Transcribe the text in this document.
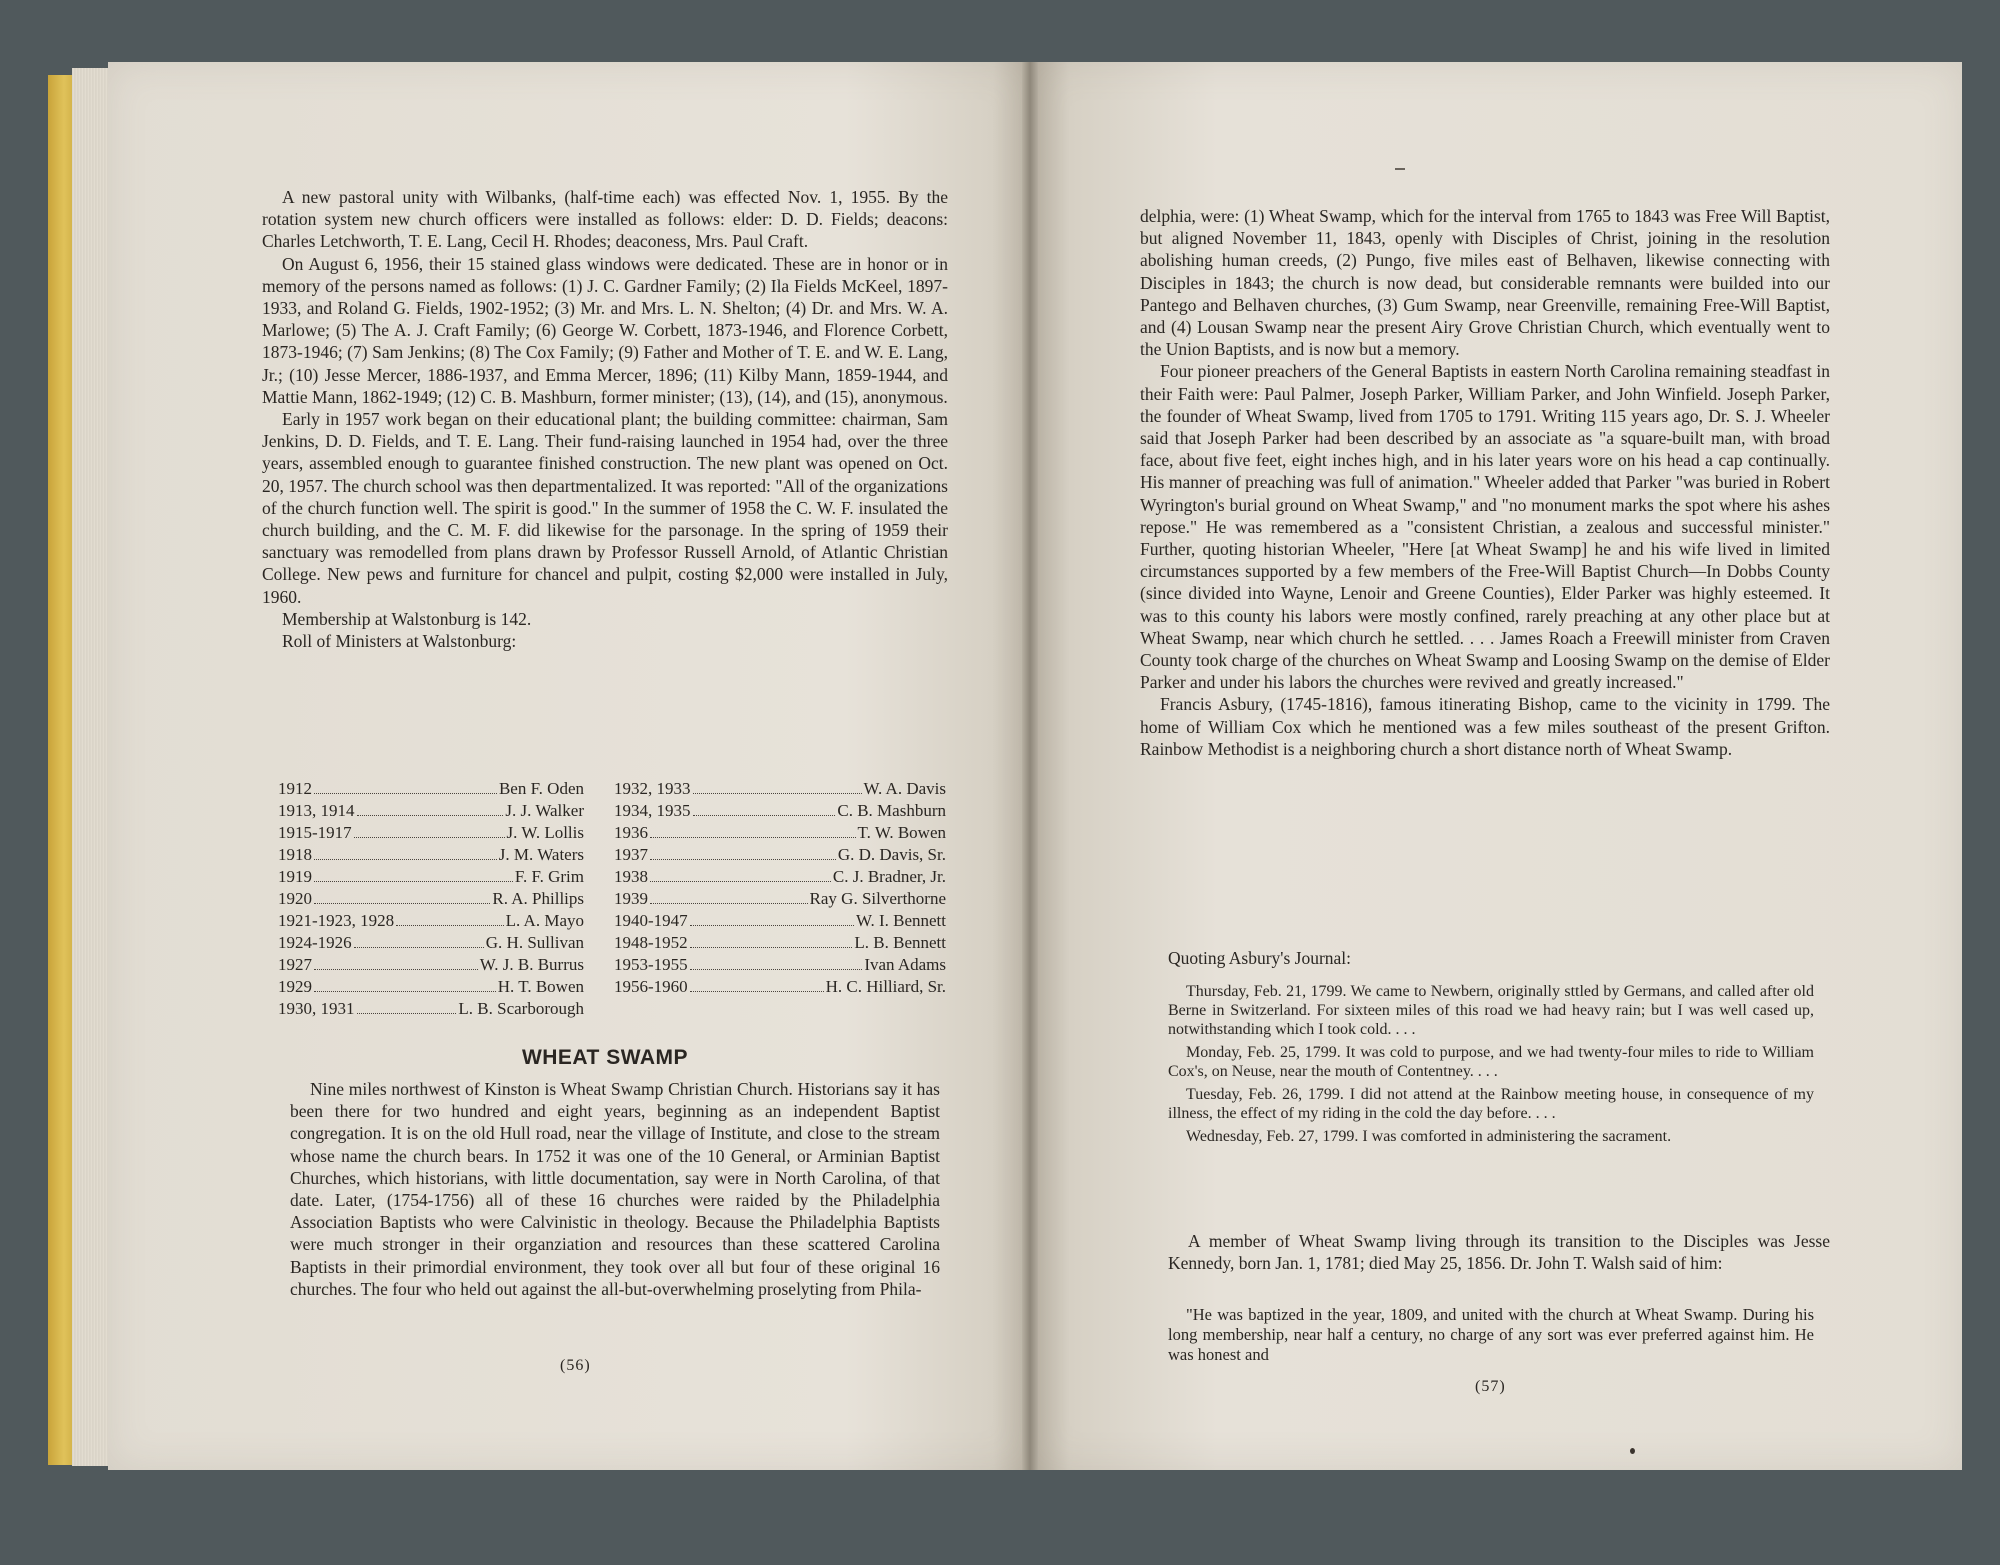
A new pastoral unity with Wilbanks, (half-time each) was effected Nov. 1, 1955. By the rotation system new church officers were installed as follows: elder: D. D. Fields; deacons: Charles Letchworth, T. E. Lang, Cecil H. Rhodes; deaconess, Mrs. Paul Craft.

On August 6, 1956, their 15 stained glass windows were dedicated. These are in honor or in memory of the persons named as follows: (1) J. C. Gardner Family; (2) Ila Fields McKeel, 1897-1933, and Roland G. Fields, 1902-1952; (3) Mr. and Mrs. L. N. Shelton; (4) Dr. and Mrs. W. A. Marlowe; (5) The A. J. Craft Family; (6) George W. Corbett, 1873-1946, and Florence Corbett, 1873-1946; (7) Sam Jenkins; (8) The Cox Family; (9) Father and Mother of T. E. and W. E. Lang, Jr.; (10) Jesse Mercer, 1886-1937, and Emma Mercer, 1896; (11) Kilby Mann, 1859-1944, and Mattie Mann, 1862-1949; (12) C. B. Mashburn, former minister; (13), (14), and (15), anonymous.

Early in 1957 work began on their educational plant; the building committee: chairman, Sam Jenkins, D. D. Fields, and T. E. Lang. Their fund-raising launched in 1954 had, over the three years, assembled enough to guarantee finished construction. The new plant was opened on Oct. 20, 1957. The church school was then departmentalized. It was reported: "All of the organizations of the church function well. The spirit is good." In the summer of 1958 the C. W. F. insulated the church building, and the C. M. F. did likewise for the parsonage. In the spring of 1959 their sanctuary was remodelled from plans drawn by Professor Russell Arnold, of Atlantic Christian College. New pews and furniture for chancel and pulpit, costing $2,000 were installed in July, 1960.

Membership at Walstonburg is 142.

Roll of Ministers at Walstonburg:

1912	Ben F. Oden
1913, 1914	J. J. Walker
1915-1917	J. W. Lollis
1918	J. M. Waters
1919	F. F. Grim
1920	R. A. Phillips
1921-1923, 1928	L. A. Mayo
1924-1926	G. H. Sullivan
1927	W. J. B. Burrus
1929	H. T. Bowen
1930, 1931	L. B. Scarborough
1932, 1933	W. A. Davis
1934, 1935	C. B. Mashburn
1936	T. W. Bowen
1937	G. D. Davis, Sr.
1938	C. J. Bradner, Jr.
1939	Ray G. Silverthorne
1940-1947	W. I. Bennett
1948-1952	L. B. Bennett
1953-1955	Ivan Adams
1956-1960	H. C. Hilliard, Sr.
WHEAT SWAMP

Nine miles northwest of Kinston is Wheat Swamp Christian Church. Historians say it has been there for two hundred and eight years, beginning as an independent Baptist congregation. It is on the old Hull road, near the village of Institute, and close to the stream whose name the church bears. In 1752 it was one of the 10 General, or Arminian Baptist Churches, which historians, with little documentation, say were in North Carolina, of that date. Later, (1754-1756) all of these 16 churches were raided by the Philadelphia Association Baptists who were Calvinistic in theology. Because the Philadelphia Baptists were much stronger in their organziation and resources than these scattered Carolina Baptists in their primordial environment, they took over all but four of these original 16 churches. The four who held out against the all-but-overwhelming proselyting from Phila-

(56)

delphia, were: (1) Wheat Swamp, which for the interval from 1765 to 1843 was Free Will Baptist, but aligned November 11, 1843, openly with Disciples of Christ, joining in the resolution abolishing human creeds, (2) Pungo, five miles east of Belhaven, likewise connecting with Disciples in 1843; the church is now dead, but considerable remnants were builded into our Pantego and Belhaven churches, (3) Gum Swamp, near Greenville, remaining Free-Will Baptist, and (4) Lousan Swamp near the present Airy Grove Christian Church, which eventually went to the Union Baptists, and is now but a memory.

Four pioneer preachers of the General Baptists in eastern North Carolina remaining steadfast in their Faith were: Paul Palmer, Joseph Parker, William Parker, and John Winfield. Joseph Parker, the founder of Wheat Swamp, lived from 1705 to 1791. Writing 115 years ago, Dr. S. J. Wheeler said that Joseph Parker had been described by an associate as "a square-built man, with broad face, about five feet, eight inches high, and in his later years wore on his head a cap continually. His manner of preaching was full of animation." Wheeler added that Parker "was buried in Robert Wyrington's burial ground on Wheat Swamp," and "no monument marks the spot where his ashes repose." He was remembered as a "consistent Christian, a zealous and successful minister." Further, quoting historian Wheeler, "Here [at Wheat Swamp] he and his wife lived in limited circumstances supported by a few members of the Free-Will Baptist Church—In Dobbs County (since divided into Wayne, Lenoir and Greene Counties), Elder Parker was highly esteemed. It was to this county his labors were mostly confined, rarely preaching at any other place but at Wheat Swamp, near which church he settled. . . . James Roach a Freewill minister from Craven County took charge of the churches on Wheat Swamp and Loosing Swamp on the demise of Elder Parker and under his labors the churches were revived and greatly increased."

Francis Asbury, (1745-1816), famous itinerating Bishop, came to the vicinity in 1799. The home of William Cox which he mentioned was a few miles southeast of the present Grifton. Rainbow Methodist is a neighboring church a short distance north of Wheat Swamp.

Quoting Asbury's Journal:

Thursday, Feb. 21, 1799. We came to Newbern, originally sttled by Germans, and called after old Berne in Switzerland. For sixteen miles of this road we had heavy rain; but I was well cased up, notwithstanding which I took cold. . . .

Monday, Feb. 25, 1799. It was cold to purpose, and we had twenty-four miles to ride to William Cox's, on Neuse, near the mouth of Contentney. . . .

Tuesday, Feb. 26, 1799. I did not attend at the Rainbow meeting house, in consequence of my illness, the effect of my riding in the cold the day before. . . .

Wednesday, Feb. 27, 1799. I was comforted in administering the sacrament.

A member of Wheat Swamp living through its transition to the Disciples was Jesse Kennedy, born Jan. 1, 1781; died May 25, 1856. Dr. John T. Walsh said of him:

"He was baptized in the year, 1809, and united with the church at Wheat Swamp. During his long membership, near half a century, no charge of any sort was ever preferred against him. He was honest and

(57)
